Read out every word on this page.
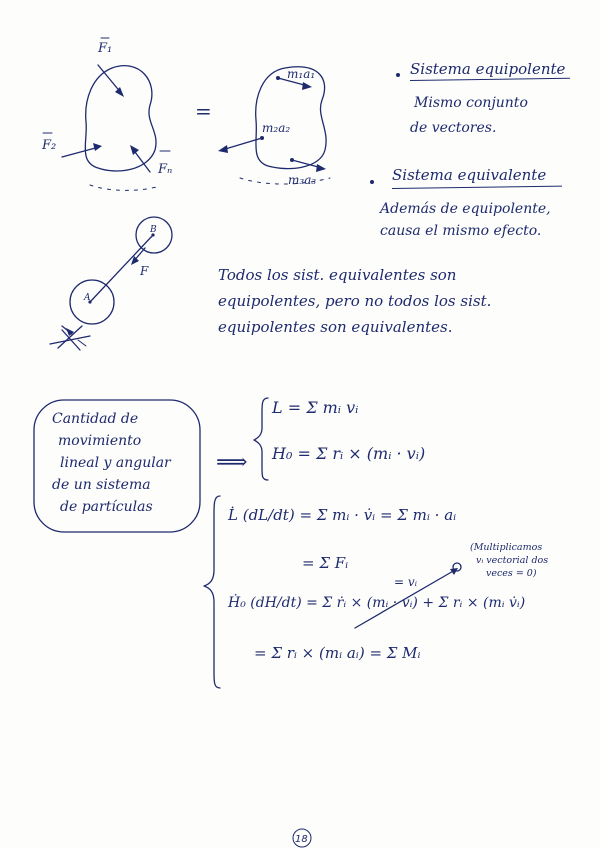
F₁
F₂
Fₙ
=
m₁a₁
m₂a₂
m₃a₃
B
A
F
18
Sistema equipolente
Mismo conjunto
de vectores.
Sistema equivalente
Además de equipolente,
causa el mismo efecto.
Todos los sist. equivalentes son
equipolentes, pero no todos los sist.
equipolentes son equivalentes.
Cantidad de
movimiento
lineal y angular
de un sistema
de partículas
⟹
L = Σ mᵢ vᵢ
H₀ = Σ rᵢ × (mᵢ · vᵢ)
L̇ (dL/dt) = Σ mᵢ · v̇ᵢ = Σ mᵢ · aᵢ
= Σ Fᵢ
(Multiplicamos
vᵢ vectorial dos
veces = 0)
= vᵢ
Ḣ₀ (dH/dt) = Σ ṙᵢ × (mᵢ · vᵢ) + Σ rᵢ × (mᵢ v̇ᵢ)
= Σ rᵢ × (mᵢ aᵢ) = Σ Mᵢ
